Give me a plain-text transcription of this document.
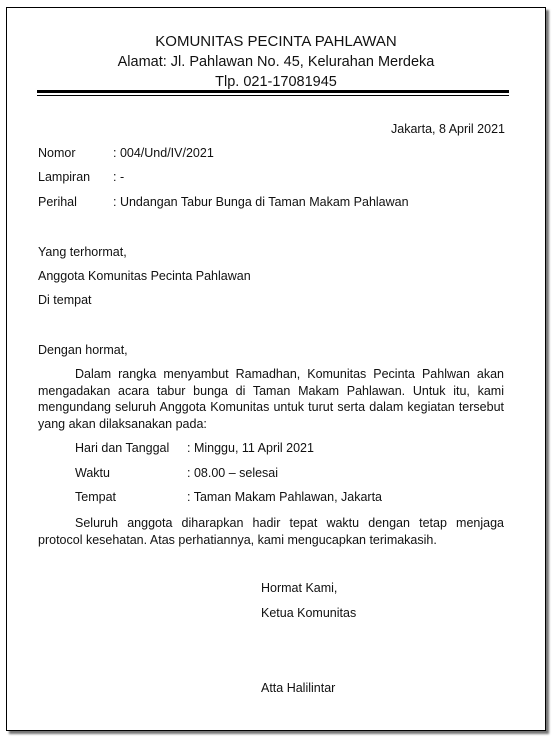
KOMUNITAS PECINTA PAHLAWAN
Alamat: Jl. Pahlawan No. 45, Kelurahan Merdeka
Tlp. 021-17081945
Jakarta, 8 April 2021
Nomor	: 004/Und/IV/2021
Lampiran : -
Perihal	: Undangan Tabur Bunga di Taman Makam Pahlawan
Yang terhormat,
Anggota Komunitas Pecinta Pahlawan
Di tempat
Dengan hormat,
Dalam rangka menyambut Ramadhan, Komunitas Pecinta Pahlwan akan mengadakan acara tabur bunga di Taman Makam Pahlawan. Untuk itu, kami mengundang seluruh Anggota Komunitas untuk turut serta dalam kegiatan tersebut yang akan dilaksanakan pada:
Hari dan Tanggal : Minggu, 11 April 2021
Waktu	: 08.00 – selesai
Tempat	: Taman Makam Pahlawan, Jakarta
Seluruh anggota diharapkan hadir tepat waktu dengan tetap menjaga protocol kesehatan. Atas perhatiannya, kami mengucapkan terimakasih.
Hormat Kami,
Ketua Komunitas
Atta Halilintar
